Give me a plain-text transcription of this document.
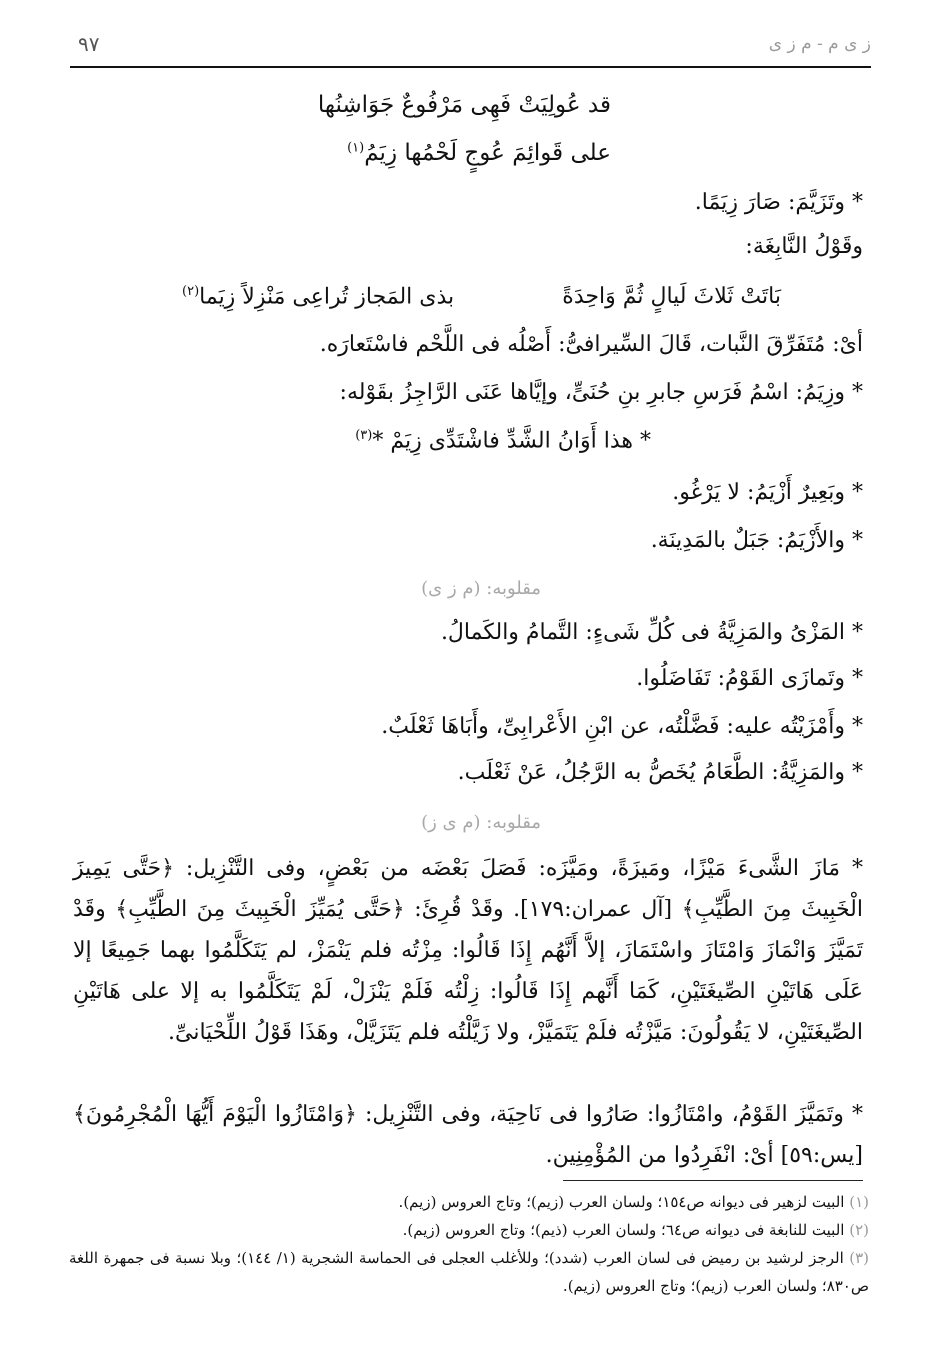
ز ى م - م ز ى
٩٧
قد عُولِيَتْ فَهِى مَرْفُوعٌ جَوَاشِنُها
على قَوائِمَ عُوجٍ لَحْمُها زِيَمُ$^{(١)}$
* وتَزَيَّمَ: صَارَ زِيَمًا.
وقَوْلُ النَّابِغَة:
بَاتَتْ ثَلاثَ لَيالٍ ثُمَّ وَاحِدَةً
بذى المَجاز تُراعِى مَنْزِلاً زِيَما$^{(٢)}$
أىْ: مُتَفَرِّقَ النَّبات، قَالَ السِّيرافىُّ: أَصْلُه فى اللَّحْم فاسْتَعارَه.
* وزِيَمُ: اسْمُ فَرَسِ جابرِ بنِ حُنَىٍّ، وإيَّاها عَنَى الرَّاجِزُ بقَوْله:
* هذا أَوَانُ الشَّدِّ فاشْتَدِّى زِيَمْ *$^{(٣)}$
* وبَعِيرٌ أَزْيَمُ: لا يَرْغُو.
* والأَزْيَمُ: جَبَلٌ بالمَدِينَة.
مقلوبه: (م ز ى)
* المَزْىُ والمَزِيَّةُ فى كُلِّ شَىءٍ: التَّمامُ والكَمالُ.
* وتَمازَى القَوْمُ: تَفَاضَلُوا.
* وأَمْزَيْتُه عليه: فَضَّلْتُه، عن ابْنِ الأَعْرابِىِّ، وأَبَاهَا ثَعْلَبٌ.
* والمَزِيَّةُ: الطَّعَامُ يُخَصُّ به الرَّجُلُ، عَنْ ثَعْلَب.
مقلوبه: (م ى ز)
* مَازَ الشَّىءَ مَيْزًا، ومَيزَةً، ومَيَّزَه: فَصَلَ بَعْضَه من بَعْضٍ، وفى التَّنْزِيل: ﴿حَتَّى يَمِيزَ الْخَبِيثَ مِنَ الطَّيِّبِ﴾ [آل عمران:١٧٩]. وقَدْ قُرِئَ: ﴿حَتَّى يُمَيِّزَ الْخَبِيثَ مِنَ الطَّيِّبِ﴾ وقَدْ تَمَيَّزَ وَانْمَازَ وَامْتَازَ واسْتَمَازَ، إلاَّ أَنَّهُم إِذَا قَالُوا: مِزْتُه فلم يَنْمَزْ، لم يَتَكَلَّمُوا بهما جَمِيعًا إلا عَلَى هَاتَيْنِ الصِّيغَتَيْنِ، كَمَا أَنَّهم إِذَا قَالُوا: زِلْتُه فَلَمْ يَنْزَلْ، لَمْ يَتَكَلَّمُوا به إلا على هَاتَيْنِ الصِّيغَتَيْنِ، لا يَقُولُونَ: مَيَّزْتُه فلَمْ يَتَمَيَّزْ، ولا زَيَّلْتُه فلم يَتَزَيَّلْ، وهَذَا قَوْلُ اللِّحْيَانىِّ.
* وتَمَيَّزَ القَوْمُ، وامْتَازُوا: صَارُوا فى نَاحِيَة، وفى التَّنْزِيل: ﴿وَامْتَازُوا الْيَوْمَ أَيُّهَا الْمُجْرِمُونَ﴾ [يس:٥٩] أىْ: انْفَرِدُوا من المُؤْمِنِين.
(١) البيت لزهير فى ديوانه ص١٥٤؛ ولسان العرب (زيم)؛ وتاج العروس (زيم).
(٢) البيت للنابغة فى ديوانه ص٦٤؛ ولسان العرب (ذيم)؛ وتاج العروس (زيم).
(٣) الرجز لرشيد بن رميض فى لسان العرب (شدد)؛ وللأغلب العجلى فى الحماسة الشجرية (١/ ١٤٤)؛ وبلا نسبة فى جمهرة اللغة ص٨٣٠؛ ولسان العرب (زيم)؛ وتاج العروس (زيم).
